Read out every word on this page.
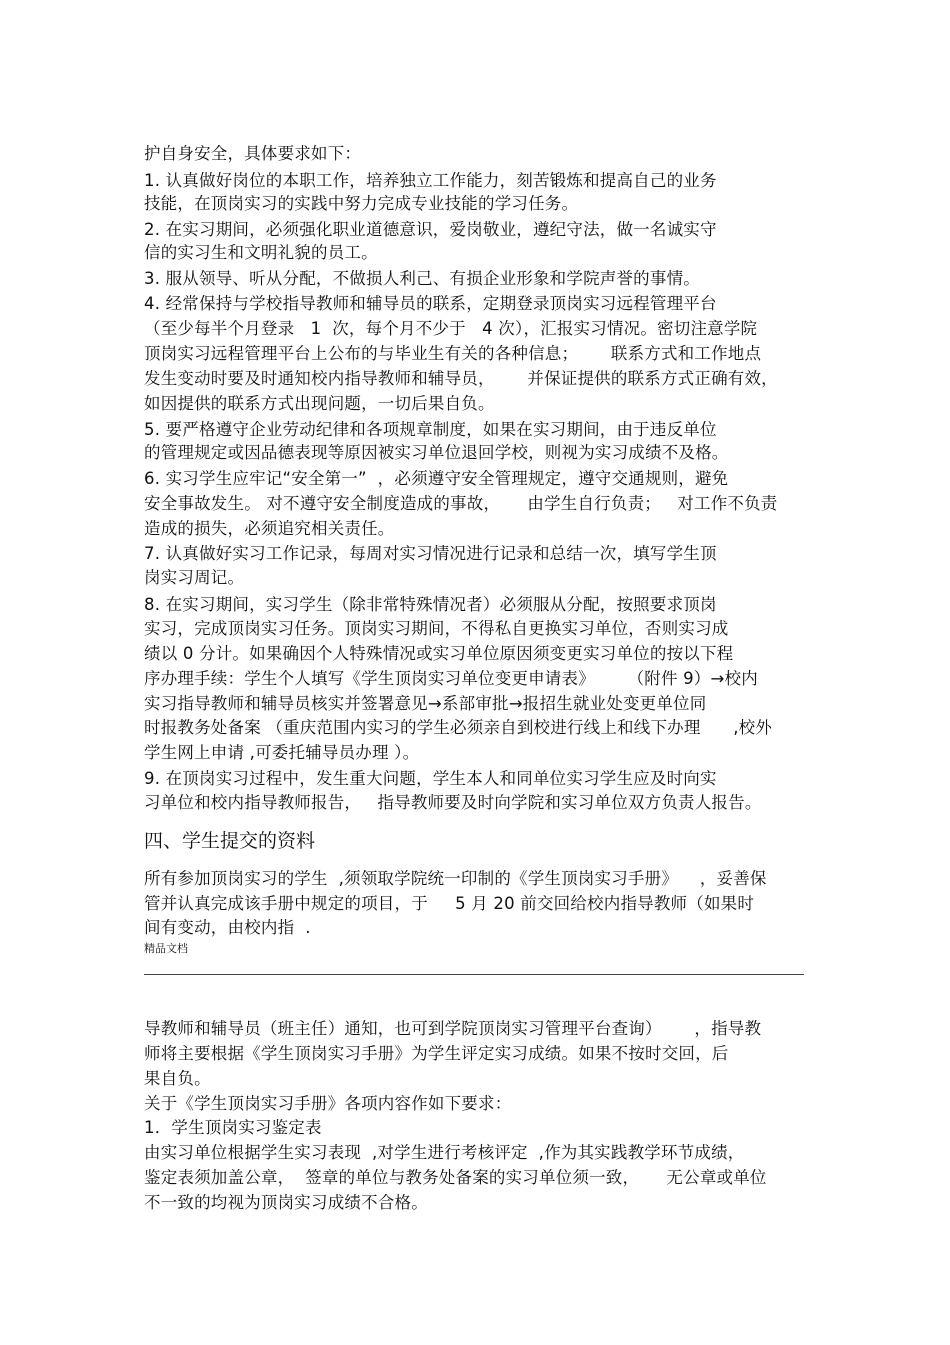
护自身安全，具体要求如下：
1. 认真做好岗位的本职工作，培养独立工作能力，刻苦锻炼和提高自己的业务
技能，在顶岗实习的实践中努力完成专业技能的学习任务。
2. 在实习期间，必须强化职业道德意识，爱岗敬业，遵纪守法，做一名诚实守
信的实习生和文明礼貌的员工。
3. 服从领导、听从分配，不做损人利己、有损企业形象和学院声誉的事情。
4. 经常保持与学校指导教师和辅导员的联系，定期登录顶岗实习远程管理平台
（至少每半个月登录   1  次，每个月不少于   4 次），汇报实习情况。密切注意学院
顶岗实习远程管理平台上公布的与毕业生有关的各种信息；      联系方式和工作地点
发生变动时要及时通知校内指导教师和辅导员，      并保证提供的联系方式正确有效，
如因提供的联系方式出现问题，一切后果自负。
5. 要严格遵守企业劳动纪律和各项规章制度，如果在实习期间，由于违反单位
的管理规定或因品德表现等原因被实习单位退回学校，则视为实习成绩不及格。
6. 实习学生应牢记“安全第一”  ，必须遵守安全管理规定，遵守交通规则，避免
安全事故发生。 对不遵守安全制度造成的事故，     由学生自行负责；   对工作不负责
造成的损失，必须追究相关责任。
7. 认真做好实习工作记录，每周对实习情况进行记录和总结一次，填写学生顶
岗实习周记。
8. 在实习期间，实习学生（除非常特殊情况者）必须服从分配，按照要求顶岗
实习，完成顶岗实习任务。顶岗实习期间，不得私自更换实习单位，否则实习成
绩以 0 分计。如果确因个人特殊情况或实习单位原因须变更实习单位的按以下程
序办理手续：学生个人填写《学生顶岗实习单位变更申请表》      （附件 9）→校内
实习指导教师和辅导员核实并签署意见→系部审批→报招生就业处变更单位同
时报教务处备案 （重庆范围内实习的学生必须亲自到校进行线上和线下办理      ,校外
学生网上申请 ,可委托辅导员办理 ）。
9. 在顶岗实习过程中，发生重大问题，学生本人和同单位实习学生应及时向实
习单位和校内指导教师报告，   指导教师要及时向学院和实习单位双方负责人报告。
四、学生提交的资料
所有参加顶岗实习的学生  ,须领取学院统一印制的《学生顶岗实习手册》    ，妥善保
管并认真完成该手册中规定的项目，于     5 月 20 前交回给校内指导教师（如果时
间有变动，由校内指  .
精品文档
导教师和辅导员（班主任）通知，也可到学院顶岗实习管理平台查询）      ，指导教
师将主要根据《学生顶岗实习手册》为学生评定实习成绩。如果不按时交回，后
果自负。
关于《学生顶岗实习手册》各项内容作如下要求：
1．学生顶岗实习鉴定表
由实习单位根据学生实习表现  ,对学生进行考核评定  ,作为其实践教学环节成绩，
鉴定表须加盖公章，  签章的单位与教务处备案的实习单位须一致，     无公章或单位
不一致的均视为顶岗实习成绩不合格。
